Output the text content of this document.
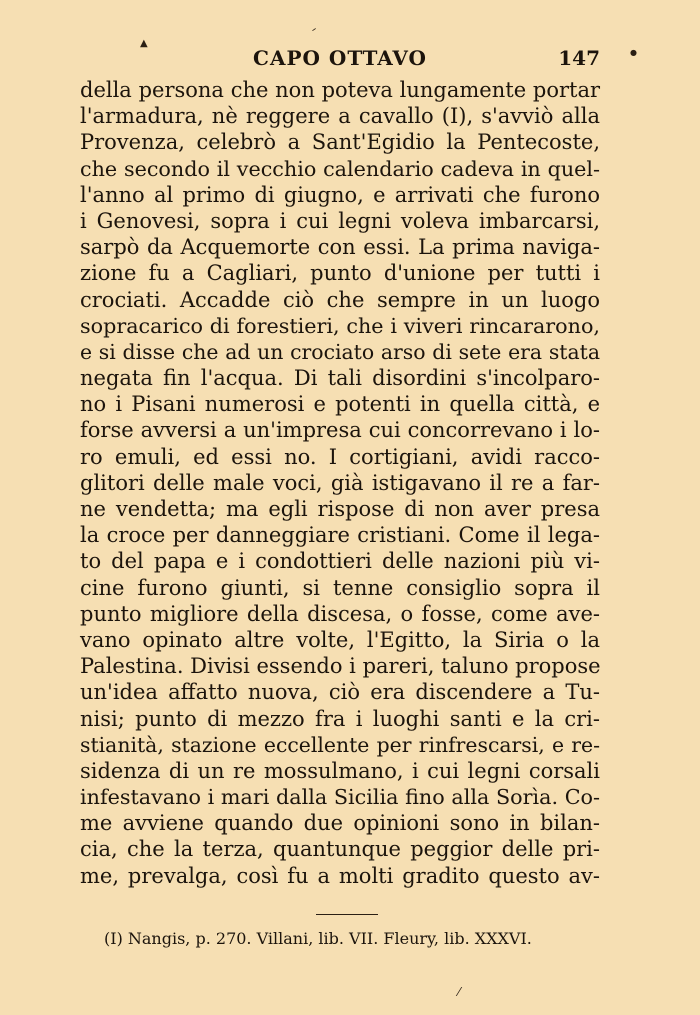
⹝
▲
●
CAPO OTTAVO	147
della persona che non poteva lungamente portar
l'armadura, nè reggere a cavallo (I), s'avviò alla
Provenza, celebrò a Sant'Egidio la Pentecoste,
che secondo il vecchio calendario cadeva in quel-
l'anno al primo di giugno, e arrivati che furono
i Genovesi, sopra i cui legni voleva imbarcarsi,
sarpò da Acquemorte con essi. La prima naviga-
zione fu a Cagliari, punto d'unione per tutti i
crociati. Accadde ciò che sempre in un luogo
sopracarico di forestieri, che i viveri rincararono,
e si disse che ad un crociato arso di sete era stata
negata fin l'acqua. Di tali disordini s'incolparo-
no i Pisani numerosi e potenti in quella città, e
forse avversi a un'impresa cui concorrevano i lo-
ro emuli, ed essi no. I cortigiani, avidi racco-
glitori delle male voci, già istigavano il re a far-
ne vendetta; ma egli rispose di non aver presa
la croce per danneggiare cristiani. Come il lega-
to del papa e i condottieri delle nazioni più vi-
cine furono giunti, si tenne consiglio sopra il
punto migliore della discesa, o fosse, come ave-
vano opinato altre volte, l'Egitto, la Siria o la
Palestina. Divisi essendo i pareri, taluno propose
un'idea affatto nuova, ciò era discendere a Tu-
nisi; punto di mezzo fra i luoghi santi e la cri-
stianità, stazione eccellente per rinfrescarsi, e re-
sidenza di un re mossulmano, i cui legni corsali
infestavano i mari dalla Sicilia fino alla Sorìa. Co-
me avviene quando due opinioni sono in bilan-
cia, che la terza, quantunque peggior delle pri-
me, prevalga, così fu a molti gradito questo av-
(I) Nangis, p. 270. Villani, lib. VII. Fleury, lib. XXXVI.
⁄
